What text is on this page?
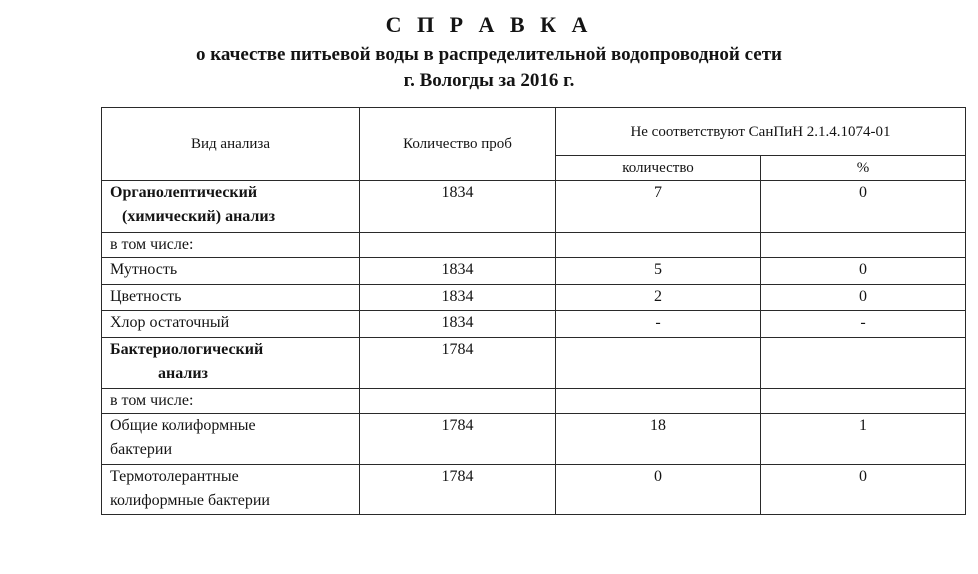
С П Р А В К А
о качестве питьевой воды в распределительной водопроводной сети
г. Вологды за 2016 г.
Вид анализа	Количество проб	Не соответствуют СанПиН 2.1.4.1074-01	
		количество	%

Органолептический
(химический) анализ	1834	7	0
в том числе:			
Мутность	1834	5	0
Цветность	1834	2	0
Хлор остаточный	1834	-	-

Бактериологический
анализ	1784		
в том числе:			

Общие колиформные
бактерии	1784	18	1

Термотолерантные
колиформные бактерии	1784	0	0
